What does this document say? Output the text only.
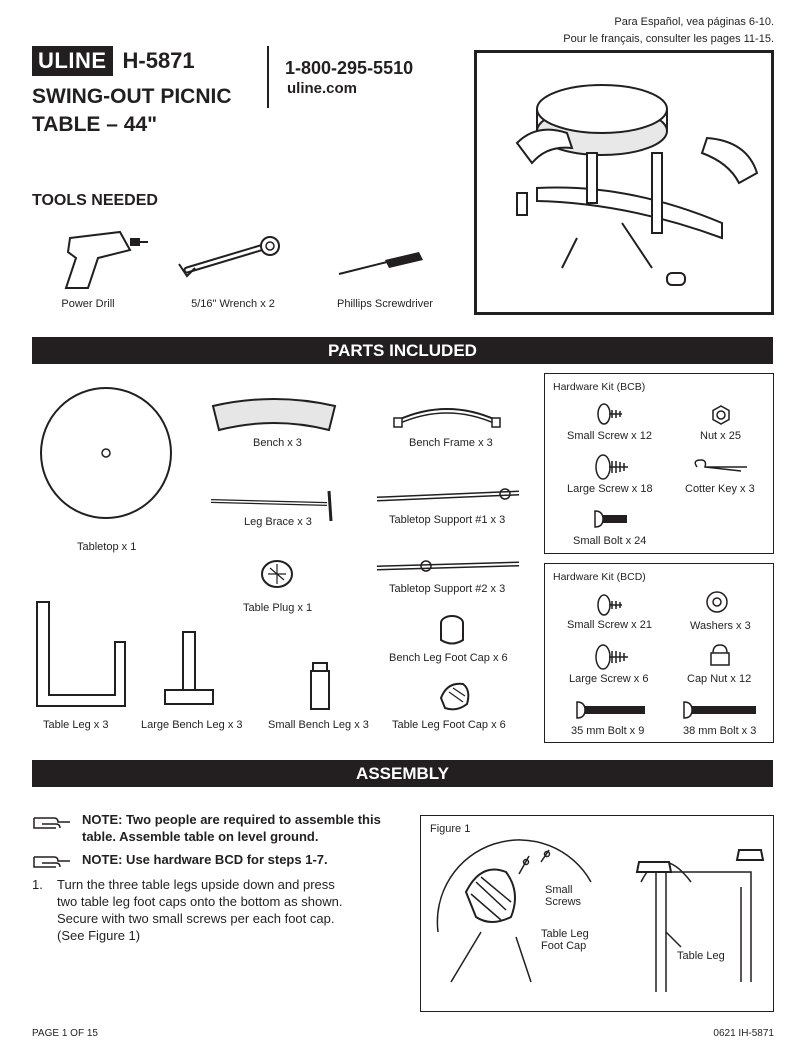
Para Español, vea páginas 6-10.
Pour le français, consulter les pages 11-15.
ULINE H-5871
SWING-OUT PICNIC
TABLE – 44"
1-800-295-5510
uline.com
TOOLS NEEDED
Power Drill	5/16" Wrench x 2	Phillips Screwdriver
PARTS INCLUDED
Tabletop x 1
Bench x 3	Bench Frame x 3
Leg Brace x 3	Tabletop Support #1 x 3
Tabletop Support #2 x 3
Table Plug x 1
Bench Leg Foot Cap x 6
Table Leg x 3	Large Bench Leg x 3 Small Bench Leg x 3 Table Leg Foot Cap x 6
Hardware Kit (BCB)
Small Screw x 12	Nut x 25
Large Screw x 18	Cotter Key x 3
Small Bolt x 24
Hardware Kit (BCD)
Small Screw x 21	Washers x 3
Large Screw x 6	Cap Nut x 12
35 mm Bolt x 9	38 mm Bolt x 3
ASSEMBLY
NOTE: Two people are required to assemble this
table. Assemble table on level ground.
NOTE: Use hardware BCD for steps 1-7.
1. Turn the three table legs upside down and press
two table leg foot caps onto the bottom as shown.
Secure with two small screws per each foot cap.
(See Figure 1)
Figure 1
Small
Screws
Table Leg
Foot Cap
Table Leg
PAGE 1 OF 15	0621 IH-5871
